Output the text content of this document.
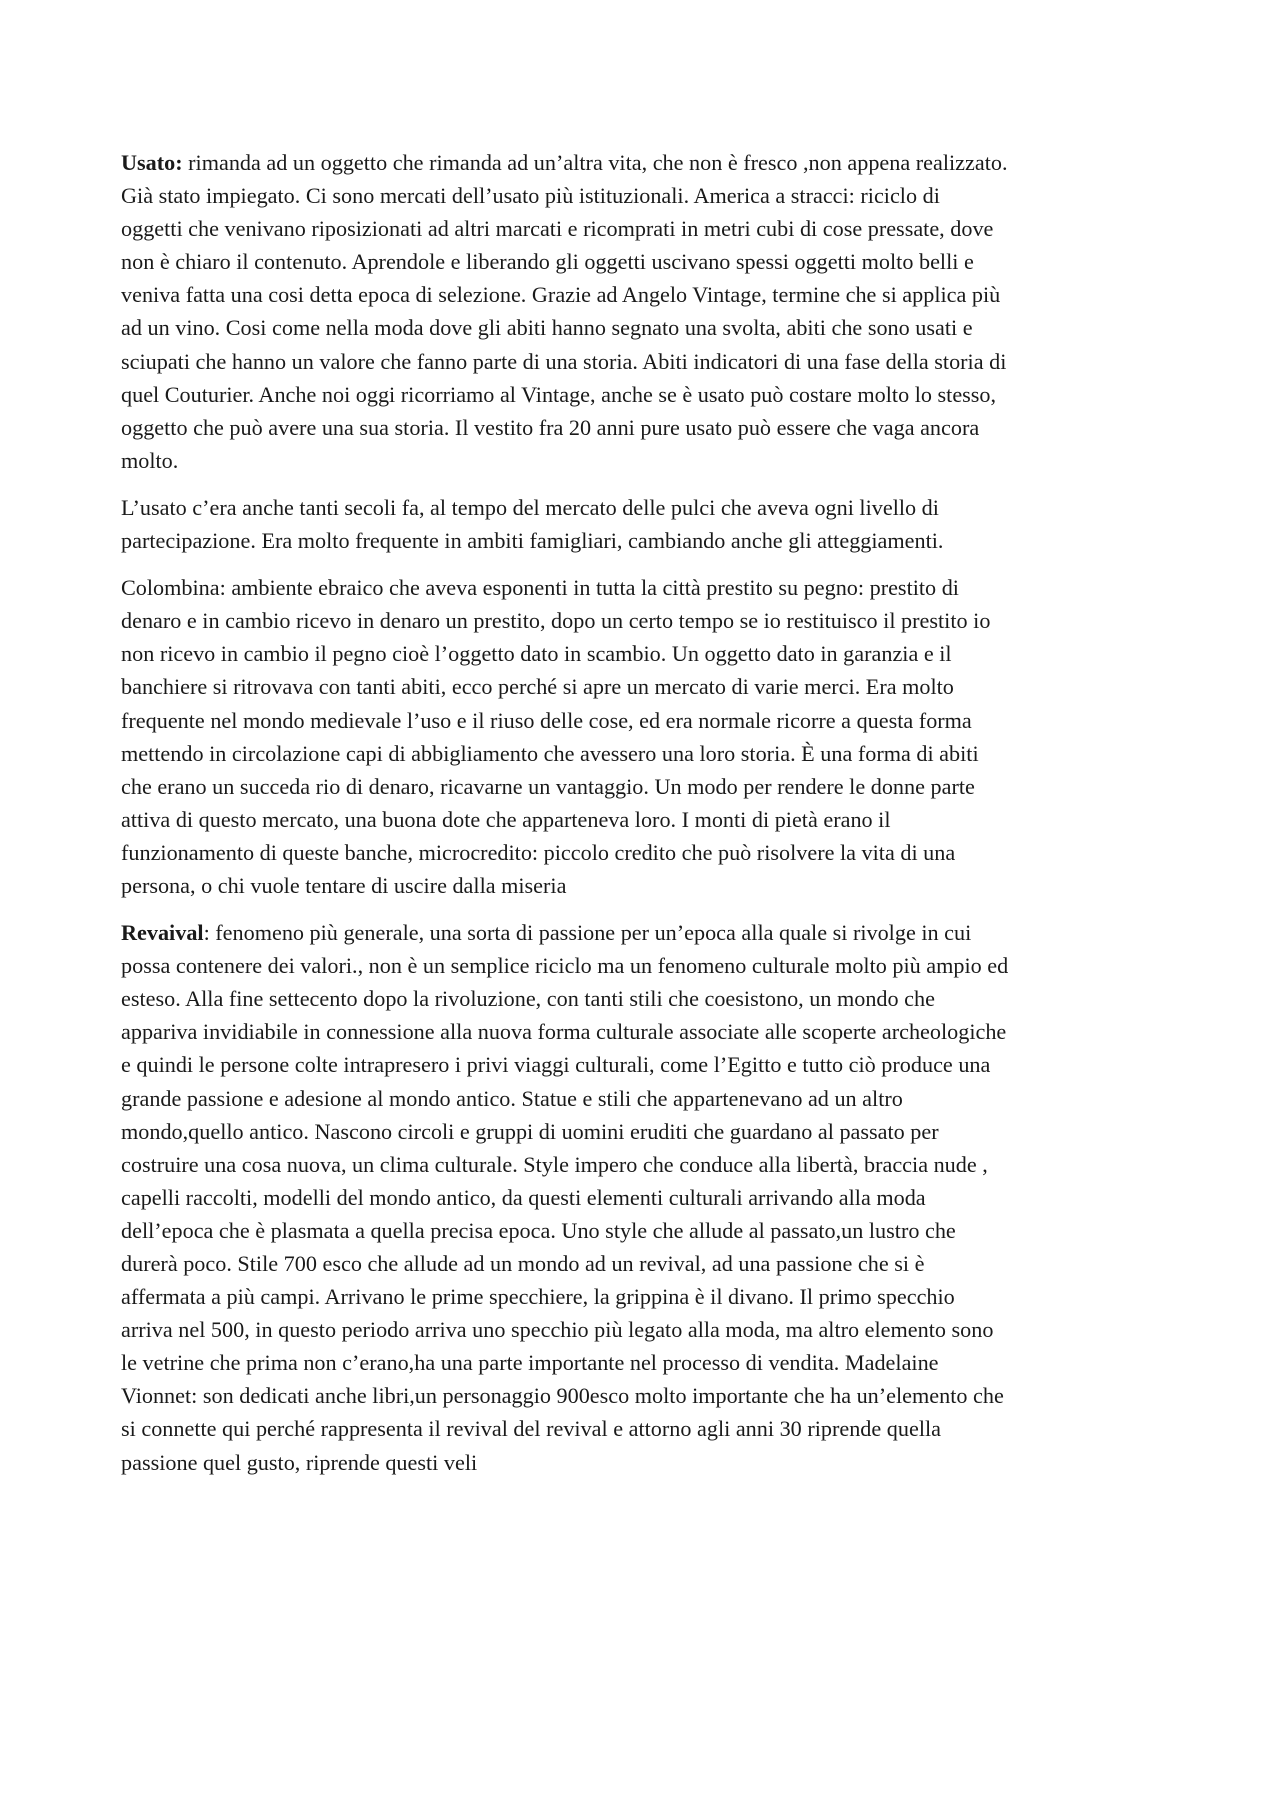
Usato: rimanda ad un oggetto che rimanda ad un’altra vita, che non è fresco ,non appena realizzato.
Già stato impiegato. Ci sono mercati dell’usato più istituzionali. America a stracci: riciclo di
oggetti che venivano riposizionati ad altri marcati e ricomprati in metri cubi di cose pressate, dove
non è chiaro il contenuto. Aprendole e liberando gli oggetti uscivano spessi oggetti molto belli e
veniva fatta una cosi detta epoca di selezione. Grazie ad Angelo Vintage, termine che si applica più
ad un vino. Cosi come nella moda dove gli abiti hanno segnato una svolta, abiti che sono usati e
sciupati che hanno un valore che fanno parte di una storia. Abiti indicatori di una fase della storia di
quel Couturier. Anche noi oggi ricorriamo al Vintage, anche se è usato può costare molto lo stesso,
oggetto che può avere una sua storia. Il vestito fra 20 anni pure usato può essere che vaga ancora
molto.

L’usato c’era anche tanti secoli fa, al tempo del mercato delle pulci che aveva ogni livello di
partecipazione. Era molto frequente in ambiti famigliari, cambiando anche gli atteggiamenti.

Colombina: ambiente ebraico che aveva esponenti in tutta la città prestito su pegno: prestito di
denaro e in cambio ricevo in denaro un prestito, dopo un certo tempo se io restituisco il prestito io
non ricevo in cambio il pegno cioè l’oggetto dato in scambio. Un oggetto dato in garanzia e il
banchiere si ritrovava con tanti abiti, ecco perché si apre un mercato di varie merci. Era molto
frequente nel mondo medievale l’uso e il riuso delle cose, ed era normale ricorre a questa forma
mettendo in circolazione capi di abbigliamento che avessero una loro storia. È una forma di abiti
che erano un succeda rio di denaro, ricavarne un vantaggio. Un modo per rendere le donne parte
attiva di questo mercato, una buona dote che apparteneva loro. I monti di pietà erano il
funzionamento di queste banche, microcredito: piccolo credito che può risolvere la vita di una
persona, o chi vuole tentare di uscire dalla miseria

Revaival: fenomeno più generale, una sorta di passione per un’epoca alla quale si rivolge in cui
possa contenere dei valori., non è un semplice riciclo ma un fenomeno culturale molto più ampio ed
esteso. Alla fine settecento dopo la rivoluzione, con tanti stili che coesistono, un mondo che
appariva invidiabile in connessione alla nuova forma culturale associate alle scoperte archeologiche
e quindi le persone colte intrapresero i privi viaggi culturali, come l’Egitto e tutto ciò produce una
grande passione e adesione al mondo antico. Statue e stili che appartenevano ad un altro
mondo,quello antico. Nascono circoli e gruppi di uomini eruditi che guardano al passato per
costruire una cosa nuova, un clima culturale. Style impero che conduce alla libertà, braccia nude ,
capelli raccolti, modelli del mondo antico, da questi elementi culturali arrivando alla moda
dell’epoca che è plasmata a quella precisa epoca. Uno style che allude al passato,un lustro che
durerà poco. Stile 700 esco che allude ad un mondo ad un revival, ad una passione che si è
affermata a più campi. Arrivano le prime specchiere, la grippina è il divano. Il primo specchio
arriva nel 500, in questo periodo arriva uno specchio più legato alla moda, ma altro elemento sono
le vetrine che prima non c’erano,ha una parte importante nel processo di vendita. Madelaine
Vionnet: son dedicati anche libri,un personaggio 900esco molto importante che ha un’elemento che
si connette qui perché rappresenta il revival del revival e attorno agli anni 30 riprende quella
passione quel gusto, riprende questi veli
